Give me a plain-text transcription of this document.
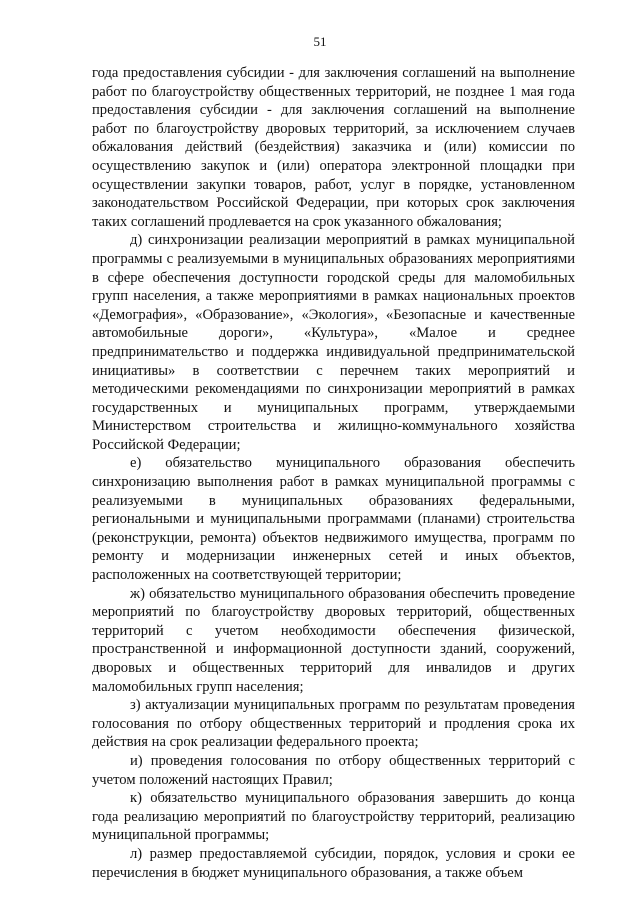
51

года предоставления субсидии - для заключения соглашений на выполнение работ по благоустройству общественных территорий, не позднее 1 мая года предоставления субсидии - для заключения соглашений на выполнение работ по благоустройству дворовых территорий, за исключением случаев обжалования действий (бездействия) заказчика и (или) комиссии по осуществлению закупок и (или) оператора электронной площадки при осуществлении закупки товаров, работ, услуг в порядке, установленном законодательством Российской Федерации, при которых срок заключения таких соглашений продлевается на срок указанного обжалования;

д) синхронизации реализации мероприятий в рамках муниципальной программы с реализуемыми в муниципальных образованиях мероприятиями в сфере обеспечения доступности городской среды для маломобильных групп населения, а также мероприятиями в рамках национальных проектов «Демография», «Образование», «Экология», «Безопасные и качественные автомобильные дороги», «Культура», «Малое и среднее предпринимательство и поддержка индивидуальной предпринимательской инициативы» в соответствии с перечнем таких мероприятий и методическими рекомендациями по синхронизации мероприятий в рамках государственных и муниципальных программ, утверждаемыми Министерством строительства и жилищно-коммунального хозяйства Российской Федерации;

е) обязательство муниципального образования обеспечить синхронизацию выполнения работ в рамках муниципальной программы с реализуемыми в муниципальных образованиях федеральными, региональными и муниципальными программами (планами) строительства (реконструкции, ремонта) объектов недвижимого имущества, программ по ремонту и модернизации инженерных сетей и иных объектов, расположенных на соответствующей территории;

ж) обязательство муниципального образования обеспечить проведение мероприятий по благоустройству дворовых территорий, общественных территорий с учетом необходимости обеспечения физической, пространственной и информационной доступности зданий, сооружений, дворовых и общественных территорий для инвалидов и других маломобильных групп населения;

з) актуализации муниципальных программ по результатам проведения голосования по отбору общественных территорий и продления срока их действия на срок реализации федерального проекта;

и) проведения голосования по отбору общественных территорий с учетом положений настоящих Правил;

к) обязательство муниципального образования завершить до конца года реализацию мероприятий по благоустройству территорий, реализацию муниципальной программы;

л) размер предоставляемой субсидии, порядок, условия и сроки ее перечисления в бюджет муниципального образования, а также объем
